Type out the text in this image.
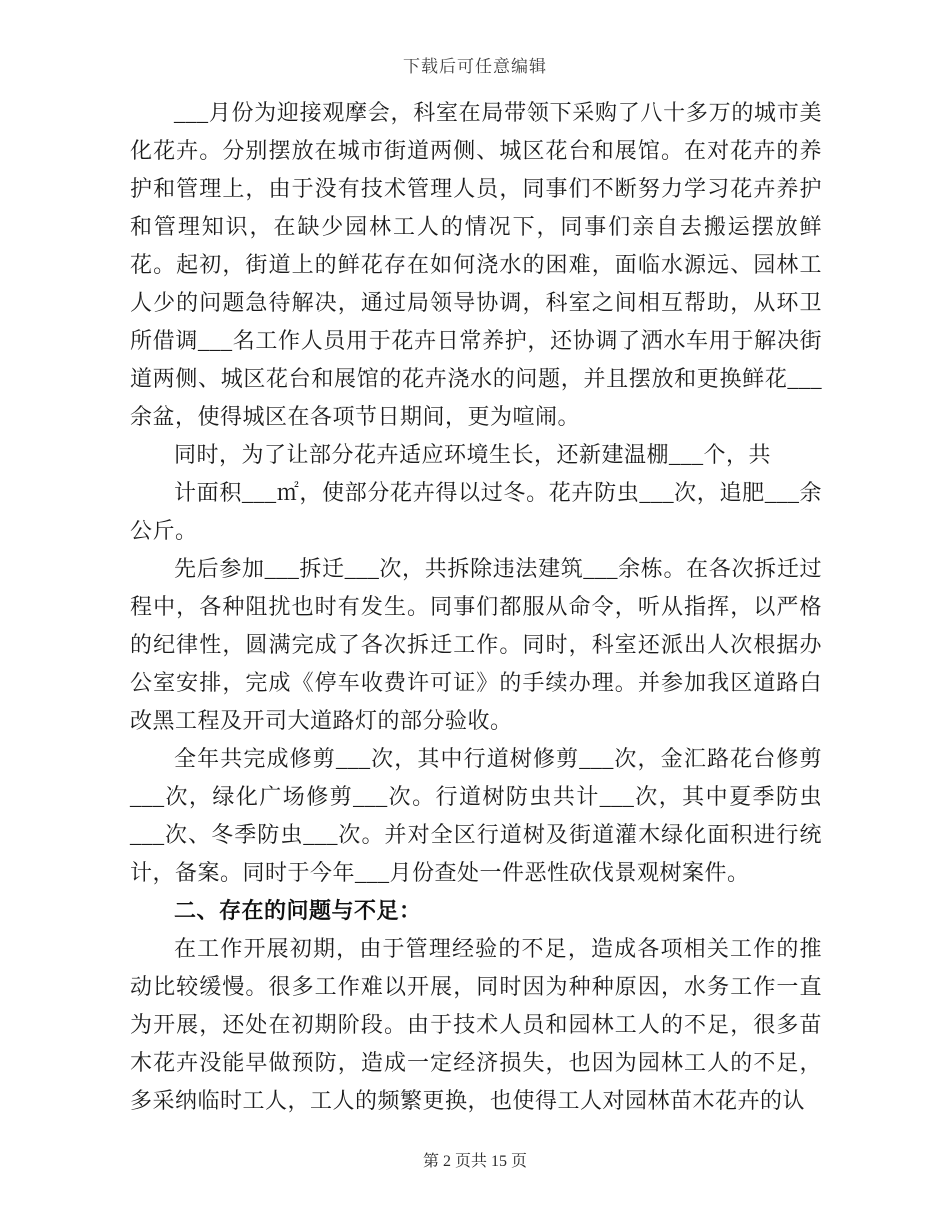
下载后可任意编辑

___月份为迎接观摩会，科室在局带领下采购了八十多万的城市美化花卉。分别摆放在城市街道两侧、城区花台和展馆。在对花卉的养护和管理上，由于没有技术管理人员，同事们不断努力学习花卉养护和管理知识，在缺少园林工人的情况下，同事们亲自去搬运摆放鲜花。起初，街道上的鲜花存在如何浇水的困难，面临水源远、园林工人少的问题急待解决，通过局领导协调，科室之间相互帮助，从环卫所借调___名工作人员用于花卉日常养护，还协调了洒水车用于解决街道两侧、城区花台和展馆的花卉浇水的问题，并且摆放和更换鲜花___余盆，使得城区在各项节日期间，更为喧闹。

同时，为了让部分花卉适应环境生长，还新建温棚___个，共

计面积___㎡，使部分花卉得以过冬。花卉防虫___次，追肥___余公斤。

先后参加___拆迁___次，共拆除违法建筑___余栋。在各次拆迁过程中，各种阻扰也时有发生。同事们都服从命令，听从指挥，以严格的纪律性，圆满完成了各次拆迁工作。同时，科室还派出人次根据办公室安排，完成《停车收费许可证》的手续办理。并参加我区道路白改黑工程及开司大道路灯的部分验收。

全年共完成修剪___次，其中行道树修剪___次，金汇路花台修剪___次，绿化广场修剪___次。行道树防虫共计___次，其中夏季防虫___次、冬季防虫___次。并对全区行道树及街道灌木绿化面积进行统计，备案。同时于今年___月份查处一件恶性砍伐景观树案件。

二、存在的问题与不足：

在工作开展初期，由于管理经验的不足，造成各项相关工作的推动比较缓慢。很多工作难以开展，同时因为种种原因，水务工作一直为开展，还处在初期阶段。由于技术人员和园林工人的不足，很多苗木花卉没能早做预防，造成一定经济损失，也因为园林工人的不足，多采纳临时工人，工人的频繁更换，也使得工人对园林苗木花卉的认

第 2 页共 15 页
